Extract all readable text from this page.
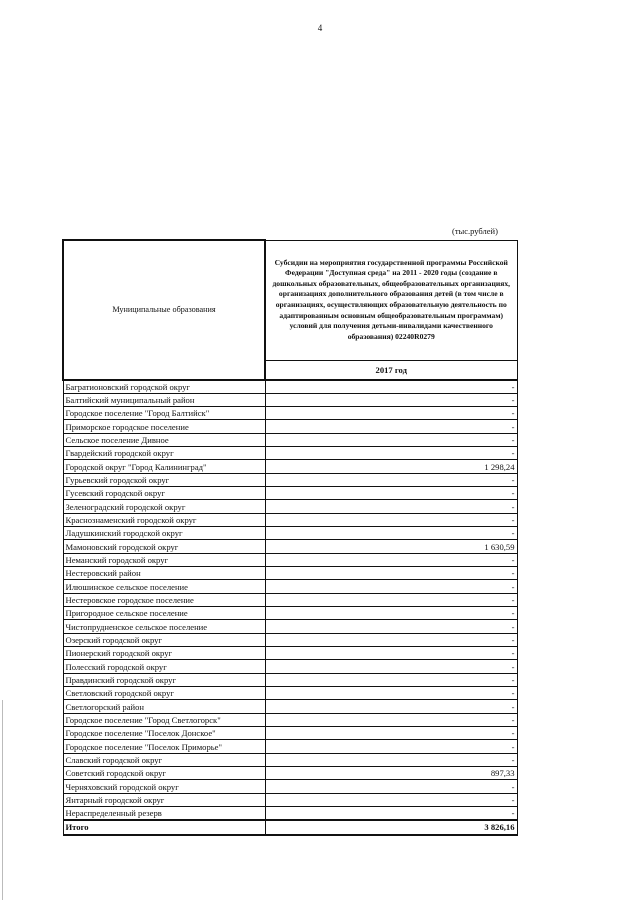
4
(тыс.рублей)
Муниципальные образования	Субсидии на мероприятия государственной программы Российской Федерации "Доступная среда" на 2011 - 2020 годы (создание в дошкольных образовательных, общеобразовательных организациях, организациях дополнительного образования детей (в том числе в организациях, осуществляющих образовательную деятельность по адаптированным основным общеобразовательным программам) условий для получения детьми-инвалидами качественного образования) 02240R0279
	2017 год
Багратионовский городской округ	-
Балтийский муниципальный район	-
Городское поселение "Город Балтийск"	-
Приморское городское поселение	-
Сельское поселение Дивное	-
Гвардейский городской округ	-
Городской округ "Город Калининград"	1 298,24
Гурьевский городской округ	-
Гусевский городской округ	-
Зеленоградский городской округ	-
Краснознаменский городской округ	-
Ладушкинский городской округ	-
Мамоновский городской округ	1 630,59
Неманский городской округ	-
Нестеровский район	-
Илюшинское сельское поселение	-
Нестеровское городское поселение	-
Пригородное сельское поселение	-
Чистопрудненское сельское поселение	-
Озерский городской округ	-
Пионерский городской округ	-
Полесский городской округ	-
Правдинский городской округ	-
Светловский городской округ	-
Светлогорский район	-
Городское поселение "Город Светлогорск"	-
Городское поселение "Поселок Донское"	-
Городское поселение "Поселок Приморье"	-
Славский городской округ	-
Советский городской округ	897,33
Черняховский городской округ	-
Янтарный городской округ	-
Нераспределенный резерв	-
Итого	3 826,16
